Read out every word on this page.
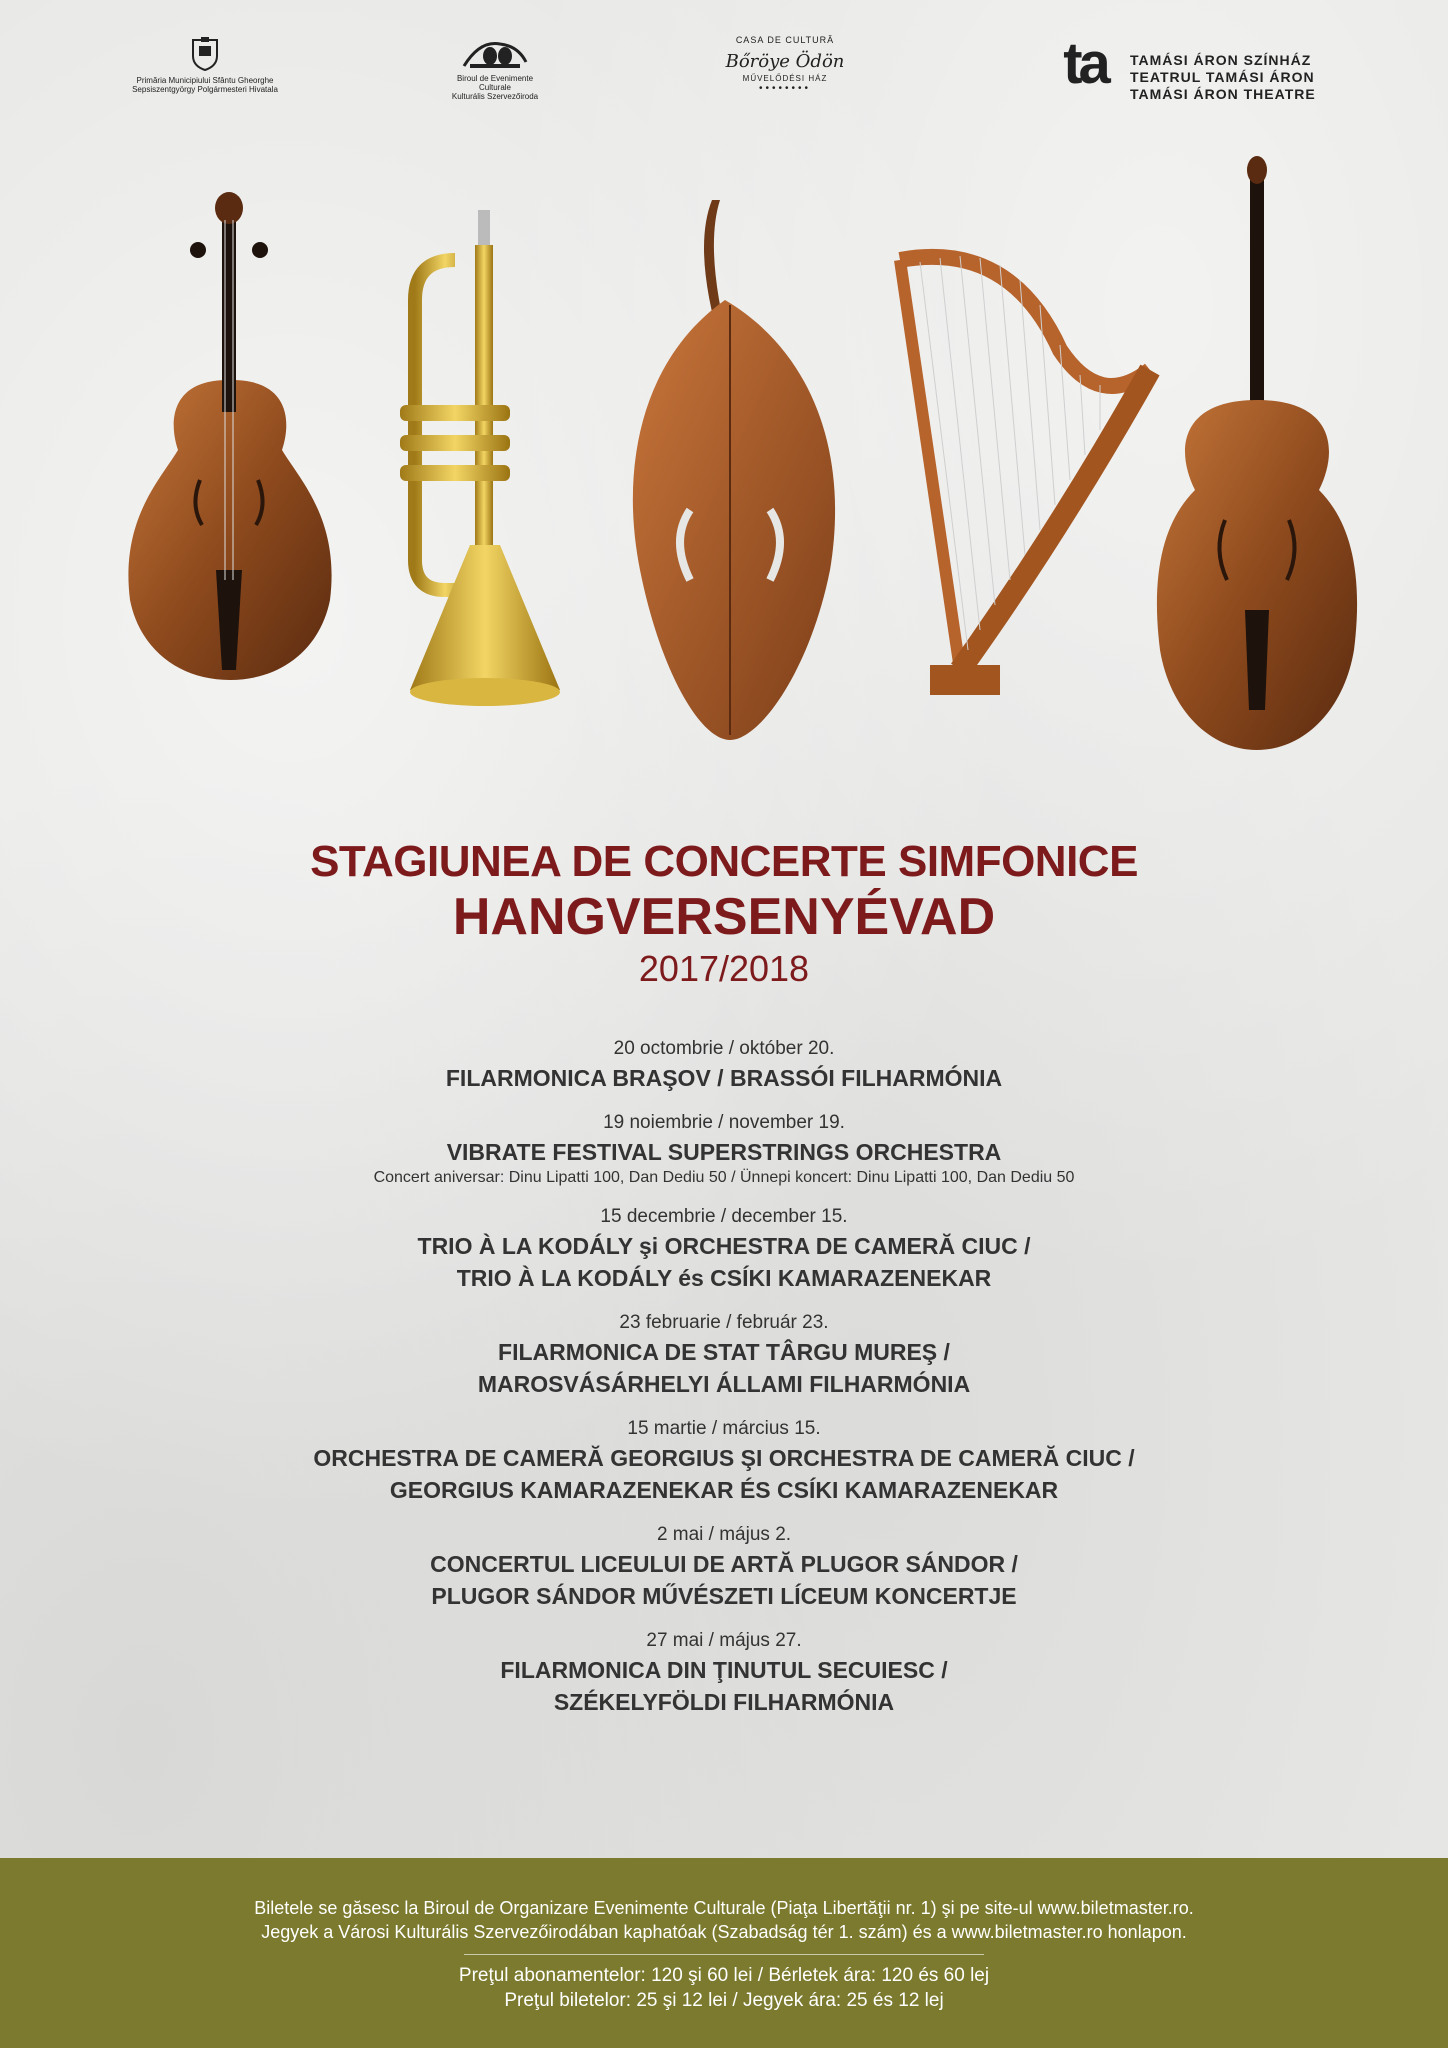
Primăria Municipiului Sfântu Gheorghe
Sepsiszentgyörgy Polgármesteri Hivatala
Biroul de Evenimente Culturale
Kulturális Szervezőiroda
CASA DE CULTURĂ
Bőröye Ödön
MŰVELŐDÉSI HÁZ
••••••••	ta	TAMÁSI ÁRON SZÍNHÁZ
TEATRUL TAMÁSI ÁRON
TAMÁSI ÁRON THEATRE
STAGIUNEA DE CONCERTE SIMFONICE
HANGVERSENYÉVAD
2017/2018
20 octombrie / október 20.
FILARMONICA BRAŞOV / BRASSÓI FILHARMÓNIA
19 noiembrie / november 19.
VIBRATE FESTIVAL SUPERSTRINGS ORCHESTRA
Concert aniversar: Dinu Lipatti 100, Dan Dediu 50 / Ünnepi koncert: Dinu Lipatti 100, Dan Dediu 50
15 decembrie / december 15.
TRIO À LA KODÁLY şi ORCHESTRA DE CAMERĂ CIUC /
TRIO À LA KODÁLY és CSÍKI KAMARAZENEKAR
23 februarie / február 23.
FILARMONICA DE STAT TÂRGU MUREŞ /
MAROSVÁSÁRHELYI ÁLLAMI FILHARMÓNIA
15 martie / március 15.
ORCHESTRA DE CAMERĂ GEORGIUS ŞI ORCHESTRA DE CAMERĂ CIUC /
GEORGIUS KAMARAZENEKAR ÉS CSÍKI KAMARAZENEKAR
2 mai / május 2.
CONCERTUL LICEULUI DE ARTĂ PLUGOR SÁNDOR /
PLUGOR SÁNDOR MŰVÉSZETI LÍCEUM KONCERTJE
27 mai / május 27.
FILARMONICA DIN ŢINUTUL SECUIESC /
SZÉKELYFÖLDI FILHARMÓNIA
Biletele se găsesc la Biroul de Organizare Evenimente Culturale (Piaţa Libertăţii nr. 1) şi pe site-ul www.biletmaster.ro.
Jegyek a Városi Kulturális Szervezőirodában kaphatóak (Szabadság tér 1. szám) és a www.biletmaster.ro honlapon.
Preţul abonamentelor: 120 şi 60 lei / Bérletek ára: 120 és 60 lej
Preţul biletelor: 25 şi 12 lei / Jegyek ára: 25 és 12 lej
